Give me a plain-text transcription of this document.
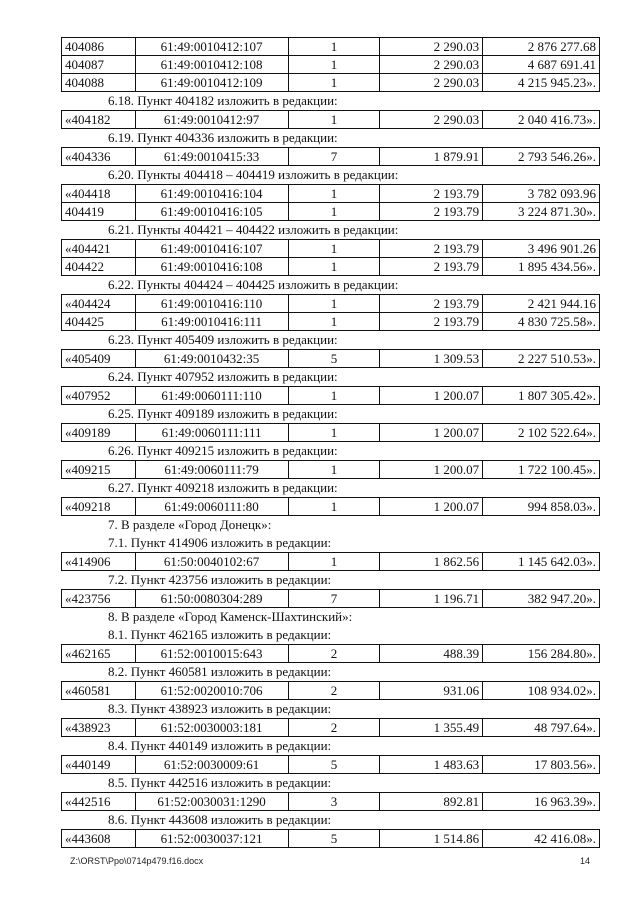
404086	61:49:0010412:107	1	2 290.03	2 876 277.68
404087	61:49:0010412:108	1	2 290.03	4 687 691.41
404088	61:49:0010412:109	1	2 290.03	4 215 945.23».
6.18. Пункт 404182 изложить в редакции:
«404182	61:49:0010412:97	1	2 290.03	2 040 416.73».
6.19. Пункт 404336 изложить в редакции:
«404336	61:49:0010415:33	7	1 879.91	2 793 546.26».
6.20. Пункты 404418 – 404419 изложить в редакции:
«404418	61:49:0010416:104	1	2 193.79	3 782 093.96
404419	61:49:0010416:105	1	2 193.79	3 224 871.30».
6.21. Пункты 404421 – 404422 изложить в редакции:
«404421	61:49:0010416:107	1	2 193.79	3 496 901.26
404422	61:49:0010416:108	1	2 193.79	1 895 434.56».
6.22. Пункты 404424 – 404425 изложить в редакции:
«404424	61:49:0010416:110	1	2 193.79	2 421 944.16
404425	61:49:0010416:111	1	2 193.79	4 830 725.58».
6.23. Пункт 405409 изложить в редакции:
«405409	61:49:0010432:35	5	1 309.53	2 227 510.53».
6.24. Пункт 407952 изложить в редакции:
«407952	61:49:0060111:110	1	1 200.07	1 807 305.42».
6.25. Пункт 409189 изложить в редакции:
«409189	61:49:0060111:111	1	1 200.07	2 102 522.64».
6.26. Пункт 409215 изложить в редакции:
«409215	61:49:0060111:79	1	1 200.07	1 722 100.45».
6.27. Пункт 409218 изложить в редакции:
«409218	61:49:0060111:80	1	1 200.07	994 858.03».
7. В разделе «Город Донецк»:
7.1. Пункт 414906 изложить в редакции:
«414906	61:50:0040102:67	1	1 862.56	1 145 642.03».
7.2. Пункт 423756 изложить в редакции:
«423756	61:50:0080304:289	7	1 196.71	382 947.20».
8. В разделе «Город Каменск-Шахтинский»:
8.1. Пункт 462165 изложить в редакции:
«462165	61:52:0010015:643	2	488.39	156 284.80».
8.2. Пункт 460581 изложить в редакции:
«460581	61:52:0020010:706	2	931.06	108 934.02».
8.3. Пункт 438923 изложить в редакции:
«438923	61:52:0030003:181	2	1 355.49	48 797.64».
8.4. Пункт 440149 изложить в редакции:
«440149	61:52:0030009:61	5	1 483.63	17 803.56».
8.5. Пункт 442516 изложить в редакции:
«442516	61:52:0030031:1290	3	892.81	16 963.39».
8.6. Пункт 443608 изложить в редакции:
«443608	61:52:0030037:121	5	1 514.86	42 416.08».
Z:\ORST\Ppo\0714p479.f16.docx	14
